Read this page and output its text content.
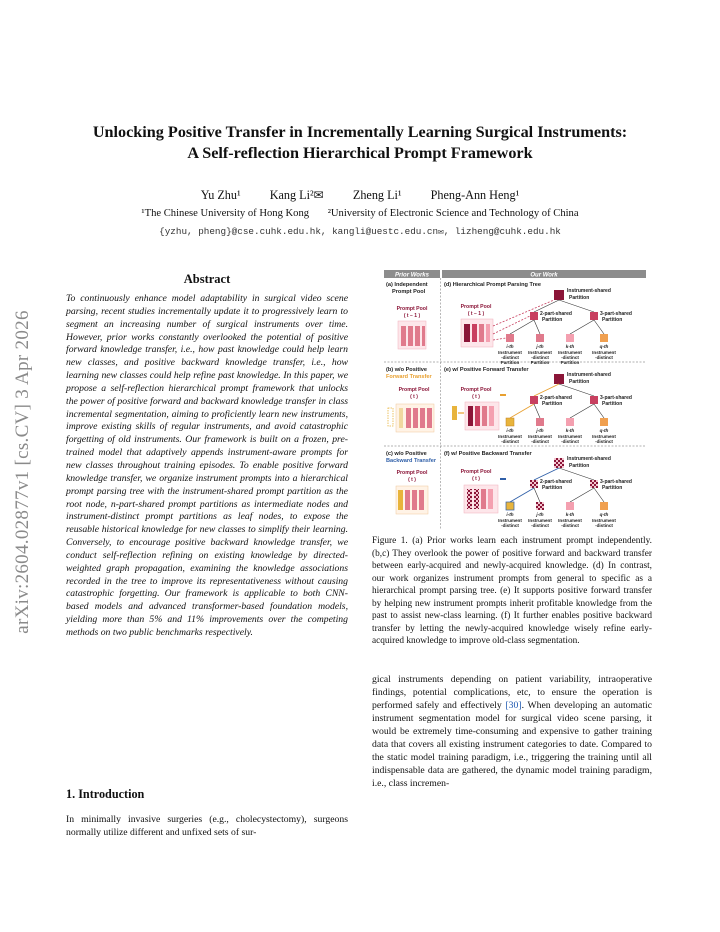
arXiv:2604.02877v1 [cs.CV] 3 Apr 2026
Unlocking Positive Transfer in Incrementally Learning Surgical Instruments:
A Self-reflection Hierarchical Prompt Framework
Yu Zhu¹ Kang Li²✉ Zheng Li¹ Pheng-Ann Heng¹
¹The Chinese University of Hong Kong ²University of Electronic Science and Technology of China
{yzhu, pheng}@cse.cuhk.edu.hk, kangli@uestc.edu.cn✉, lizheng@cuhk.edu.hk
Abstract
To continuously enhance model adaptability in surgical video scene parsing, recent studies incrementally update it to progressively learn to segment an increasing number of surgical instruments over time. However, prior works constantly overlooked the potential of positive forward knowledge transfer, i.e., how past knowledge could help learn new classes, and positive backward knowledge transfer, i.e., how learning new classes could help refine past knowledge. In this paper, we propose a self-reflection hierarchical prompt framework that unlocks the power of positive forward and backward knowledge transfer in class incremental segmentation, aiming to proficiently learn new instruments, improve existing skills of regular instruments, and avoid catastrophic forgetting of old instruments. Our framework is built on a frozen, pre-trained model that adaptively appends instrument-aware prompts for new classes throughout training episodes. To enable positive forward knowledge transfer, we organize instrument prompts into a hierarchical prompt parsing tree with the instrument-shared prompt partition as the root node, n-part-shared prompt partitions as intermediate nodes and instrument-distinct prompt partitions as leaf nodes, to expose the reusable historical knowledge for new classes to simplify their learning. Conversely, to encourage positive backward knowledge transfer, we conduct self-reflection refining on existing knowledge by directed-weighted graph propagation, examining the knowledge associations recorded in the tree to improve its representativeness without causing catastrophic forgetting. Our framework is applicable to both CNN-based models and advanced transformer-based foundation models, yielding more than 5% and 11% improvements over the competing methods on two public benchmarks respectively.
1. Introduction
In minimally invasive surgeries (e.g., cholecystectomy), surgeons normally utilize different and unfixed sets of sur-
Prior Works	Our Work
(a) Independent
Prompt Pool
Prompt Pool
( t − 1 )
(b) w/o Positive
Forward Transfer
Prompt Pool
( t )
(c) w/o Positive
Backward Transfer
Prompt Pool
( t )
(d) Hierarchical Prompt Parsing Tree
Prompt Pool
( t − 1 )
Instrument-shared
Partition
2-part-shared
Partition
3-part-shared
Partition
i-th
Instrument
-distinct
Partition
j-th
Instrument
-distinct
Partition
k-th
Instrument
-distinct
Partition
q-th
Instrument
-distinct
(e) w/ Positive Forward Transfer
Prompt Pool
( t )
Instrument-shared
Partition
2-part-shared
Partition
3-part-shared
Partition
i-th
Instrument
-distinct
j-th
Instrument
-distinct
k-th
Instrument
-distinct
q-th
Instrument
-distinct
(f) w/ Positive Backward Transfer
Prompt Pool
( t )
Instrument-shared
Partition
2-part-shared
Partition
3-part-shared
Partition
i-th
Instrument
-distinct
j-th
Instrument
-distinct
k-th
Instrument
-distinct
q-th
Instrument
-distinct
Figure 1. (a) Prior works learn each instrument prompt independently. (b,c) They overlook the power of positive forward and backward transfer between early-acquired and newly-acquired knowledge. (d) In contrast, our work organizes instrument prompts from general to specific as a hierarchical prompt parsing tree. (e) It supports positive forward transfer by helping new instrument prompts inherit profitable knowledge from the past to assist new-class learning. (f) It further enables positive backward transfer by letting the newly-acquired knowledge wisely refine early-acquired knowledge to improve old-class segmentation.
gical instruments depending on patient variability, intraoperative findings, potential complications, etc, to ensure the operation is performed safely and effectively [30]. When developing an automatic instrument segmentation model for surgical video scene parsing, it would be extremely time-consuming and expensive to gather training data that covers all existing instrument categories to date. Compared to the static model training paradigm, i.e., triggering the training until all indispensable data are gathered, the dynamic model training paradigm, i.e., class incremen-
